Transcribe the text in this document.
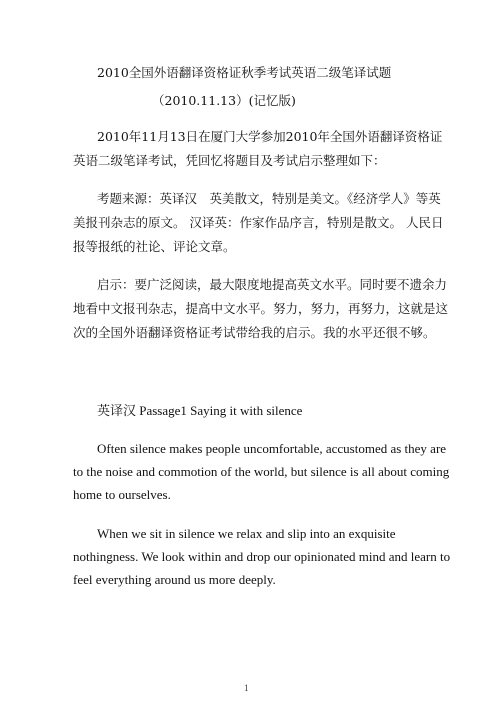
2010全国外语翻译资格证秋季考试英语二级笔译试题
（2010.11.13）(记忆版)
2010年11月13日在厦门大学参加2010年全国外语翻译资格证
英语二级笔译考试，凭回忆将题目及考试启示整理如下：
考题来源：英译汉　英美散文，特别是美文。《经济学人》等英
美报刊杂志的原文。 汉译英：作家作品序言，特别是散文。 人民日
报等报纸的社论、评论文章。
启示：要广泛阅读，最大限度地提高英文水平。同时要不遗余力
地看中文报刊杂志，提高中文水平。努力，努力，再努力，这就是这
次的全国外语翻译资格证考试带给我的启示。我的水平还很不够。
英译汉 Passage1 Saying it with silence
Often silence makes people uncomfortable, accustomed as they are
to the noise and commotion of the world, but silence is all about coming
home to ourselves.
When we sit in silence we relax and slip into an exquisite
nothingness. We look within and drop our opinionated mind and learn to
feel everything around us more deeply.
1
